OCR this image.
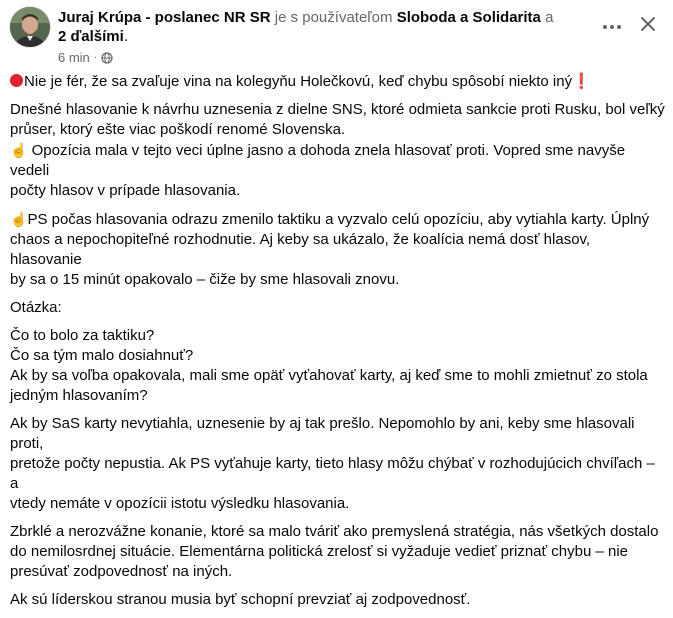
Juraj Krúpa - poslanec NR SR je s používateľom Sloboda a Solidarita a
2 ďalšími.
6 min ·

Nie je fér, že sa zvaľuje vina na kolegyňu Holečkovú, keď chybu spôsobí niekto iný❗

Dnešné hlasovanie k návrhu uznesenia z dielne SNS, ktoré odmieta sankcie proti Rusku, bol veľký
průser, ktorý ešte viac poškodí renomé Slovenska.
☝ Opozícia mala v tejto veci úplne jasno a dohoda znela hlasovať proti. Vopred sme navyše vedeli
počty hlasov v prípade hlasovania.

☝PS počas hlasovania odrazu zmenilo taktiku a vyzvalo celú opozíciu, aby vytiahla karty. Úplný
chaos a nepochopiteľné rozhodnutie. Aj keby sa ukázalo, že koalícia nemá dosť hlasov, hlasovanie
by sa o 15 minút opakovalo – čiže by sme hlasovali znovu.

Otázka:

Čo to bolo za taktiku?
Čo sa tým malo dosiahnuť?
Ak by sa voľba opakovala, mali sme opäť vyťahovať karty, aj keď sme to mohli zmietnuť zo stola
jedným hlasovaním?

Ak by SaS karty nevytiahla, uznesenie by aj tak prešlo. Nepomohlo by ani, keby sme hlasovali proti,
pretože počty nepustia. Ak PS vyťahuje karty, tieto hlasy môžu chýbať v rozhodujúcich chvíľach – a
vtedy nemáte v opozícii istotu výsledku hlasovania.

Zbrklé a nerozvážne konanie, ktoré sa malo tváriť ako premyslená stratégia, nás všetkých dostalo
do nemilosrdnej situácie. Elementárna politická zrelosť si vyžaduje vedieť priznať chybu – nie
presúvať zodpovednosť na iných.

Ak sú líderskou stranou musia byť schopní prevziať aj zodpovednosť.
